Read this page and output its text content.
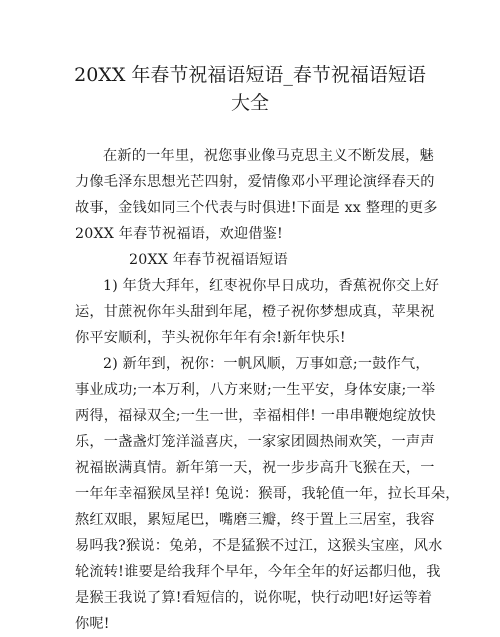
20XX 年春节祝福语短语_春节祝福语短语
大全
在新的一年里，祝您事业像马克思主义不断发展，魅
力像毛泽东思想光芒四射，爱情像邓小平理论演绎春天的
故事，金钱如同三个代表与时俱进!下面是 xx 整理的更多
20XX 年春节祝福语，欢迎借鉴!
20XX 年春节祝福语短语
1) 年货大拜年，红枣祝你早日成功，香蕉祝你交上好
运，甘蔗祝你年头甜到年尾，橙子祝你梦想成真，苹果祝
你平安顺利，芋头祝你年年有余!新年快乐!
2) 新年到，祝你：一帆风顺，万事如意;一鼓作气，
事业成功;一本万利，八方来财;一生平安，身体安康;一举
两得，福禄双全;一生一世，幸福相伴! 一串串鞭炮绽放快
乐，一盏盏灯笼洋溢喜庆，一家家团圆热闹欢笑，一声声
祝福嵌满真情。新年第一天，祝一步步高升飞猴在天，一
一年年幸福猴凤呈祥! 兔说：猴哥，我轮值一年，拉长耳朵，
熬红双眼，累短尾巴，嘴磨三瓣，终于置上三居室，我容
易吗我?猴说：兔弟，不是猛猴不过江，这猴头宝座，风水
轮流转!谁要是给我拜个早年，今年全年的好运都归他，我
是猴王我说了算!看短信的，说你呢，快行动吧!好运等着
你呢!
